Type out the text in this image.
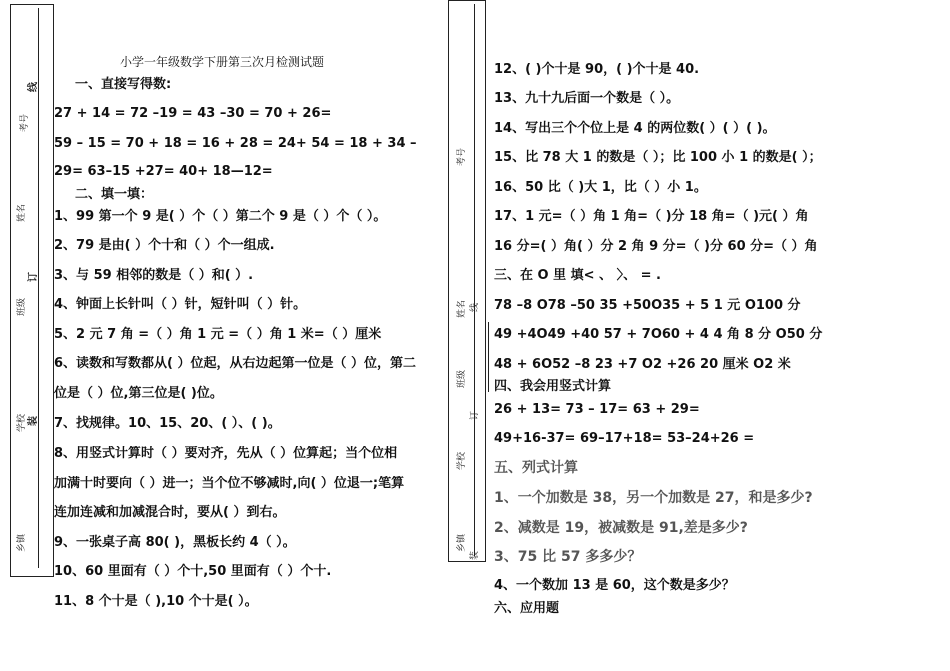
考号
线
姓名
订
班级
学校 装
乡镇
考号
线
姓名
订
班级
学校
装
乡镇
小学一年级数学下册第三次月检测试题
一、直接写得数:
27 + 14 = 72 –19 = 43 –30 = 70 + 26=
59 – 15 = 70 + 18 = 16 + 28 = 24+ 54 = 18 + 34 –
29= 63–15 +27= 40+ 18—12=
二、填一填：
1、99 第一个 9 是( ）个（ ）第二个 9 是（ ）个（ ）。
2、79 是由( ）个十和（ ）个一组成.
3、与 59 相邻的数是（ ）和( ）.
4、钟面上长针叫（ ）针，短针叫（ ）针。
5、2 元 7 角 =（ ）角 1 元 =（ ）角 1 米=（ ）厘米
6、读数和写数都从( ）位起，从右边起第一位是（ ）位，第二
位是（ ）位,第三位是( )位。
7、找规律。10、15、20、( ）、( )。
8、用竖式计算时（ ）要对齐，先从（ ）位算起；当个位相
加满十时要向（ ）进一；当个位不够减时,向( ）位退一;笔算
连加连减和加减混合时，要从( ）到右。
9、一张桌子高 80( )，黑板长约 4（ ）。
10、60 里面有（ ）个十,50 里面有（ ）个十.
11、8 个十是（ ),10 个十是( ）。
12、( )个十是 90，( )个十是 40.
13、九十九后面一个数是（ ）。
14、写出三个个位上是 4 的两位数( ）( ）( )。
15、比 78 大 1 的数是（ ）；比 100 小 1 的数是( ）；
16、50 比（ )大 1，比（ ）小 1。
17、1 元=（ ）角 1 角=（ )分 18 角=（ )元( ）角
16 分=( ）角( ）分 2 角 9 分=（ )分 60 分=（ ）角
三、在 O 里 填< 、 〉、 = .
78 –8 O78 –50 35 +50O35 + 5 1 元 O100 分
49 +4O49 +40 57 + 7O60 + 4 4 角 8 分 O50 分
48 + 6O52 –8 23 +7 O2 +26 20 厘米 O2 米
四、我会用竖式计算
26 + 13= 73 – 17= 63 + 29=
49+16-37= 69–17+18= 53–24+26 =
五、列式计算
1、一个加数是 38，另一个加数是 27，和是多少?
2、减数是 19，被减数是 91,差是多少?
3、75 比 57 多多少？
4、一个数加 13 是 60，这个数是多少？
六、应用题
